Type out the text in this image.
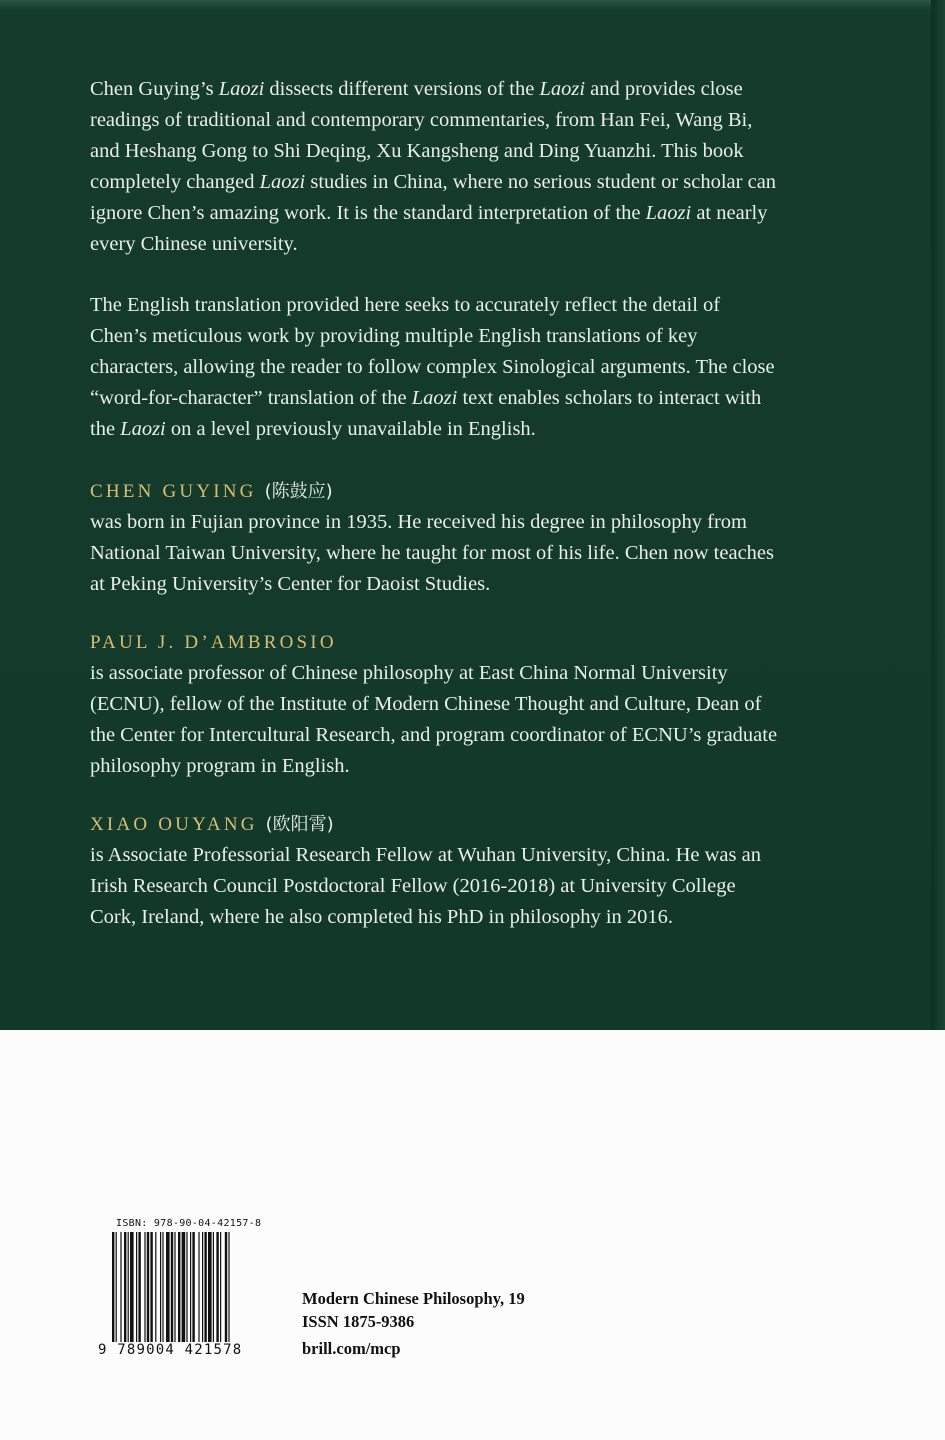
Chen Guying’s Laozi dissects different versions of the Laozi and provides close readings of traditional and contemporary commentaries, from Han Fei, Wang Bi, and Heshang Gong to Shi Deqing, Xu Kangsheng and Ding Yuanzhi. This book completely changed Laozi studies in China, where no serious student or scholar can ignore Chen’s amazing work. It is the standard interpretation of the Laozi at nearly every Chinese university.

The English translation provided here seeks to accurately reflect the detail of Chen’s meticulous work by providing multiple English translations of key characters, allowing the reader to follow complex Sinological arguments. The close “word-for-character” translation of the Laozi text enables scholars to interact with the Laozi on a level previously unavailable in English.

CHEN GUYING (陈鼓应)

was born in Fujian province in 1935. He received his degree in philosophy from National Taiwan University, where he taught for most of his life. Chen now teaches at Peking University’s Center for Daoist Studies.

PAUL J. D’AMBROSIO

is associate professor of Chinese philosophy at East China Normal University (ECNU), fellow of the Institute of Modern Chinese Thought and Culture, Dean of the Center for Intercultural Research, and program coordinator of ECNU’s graduate philosophy program in English.

XIAO OUYANG (欧阳霄)

is Associate Professorial Research Fellow at Wuhan University, China. He was an Irish Research Council Postdoctoral Fellow (2016-2018) at University College Cork, Ireland, where he also completed his PhD in philosophy in 2016.

ISBN: 978-90-04-42157-8
9 789004 421578
Modern Chinese Philosophy, 19
ISSN 1875-9386
brill.com/mcp
